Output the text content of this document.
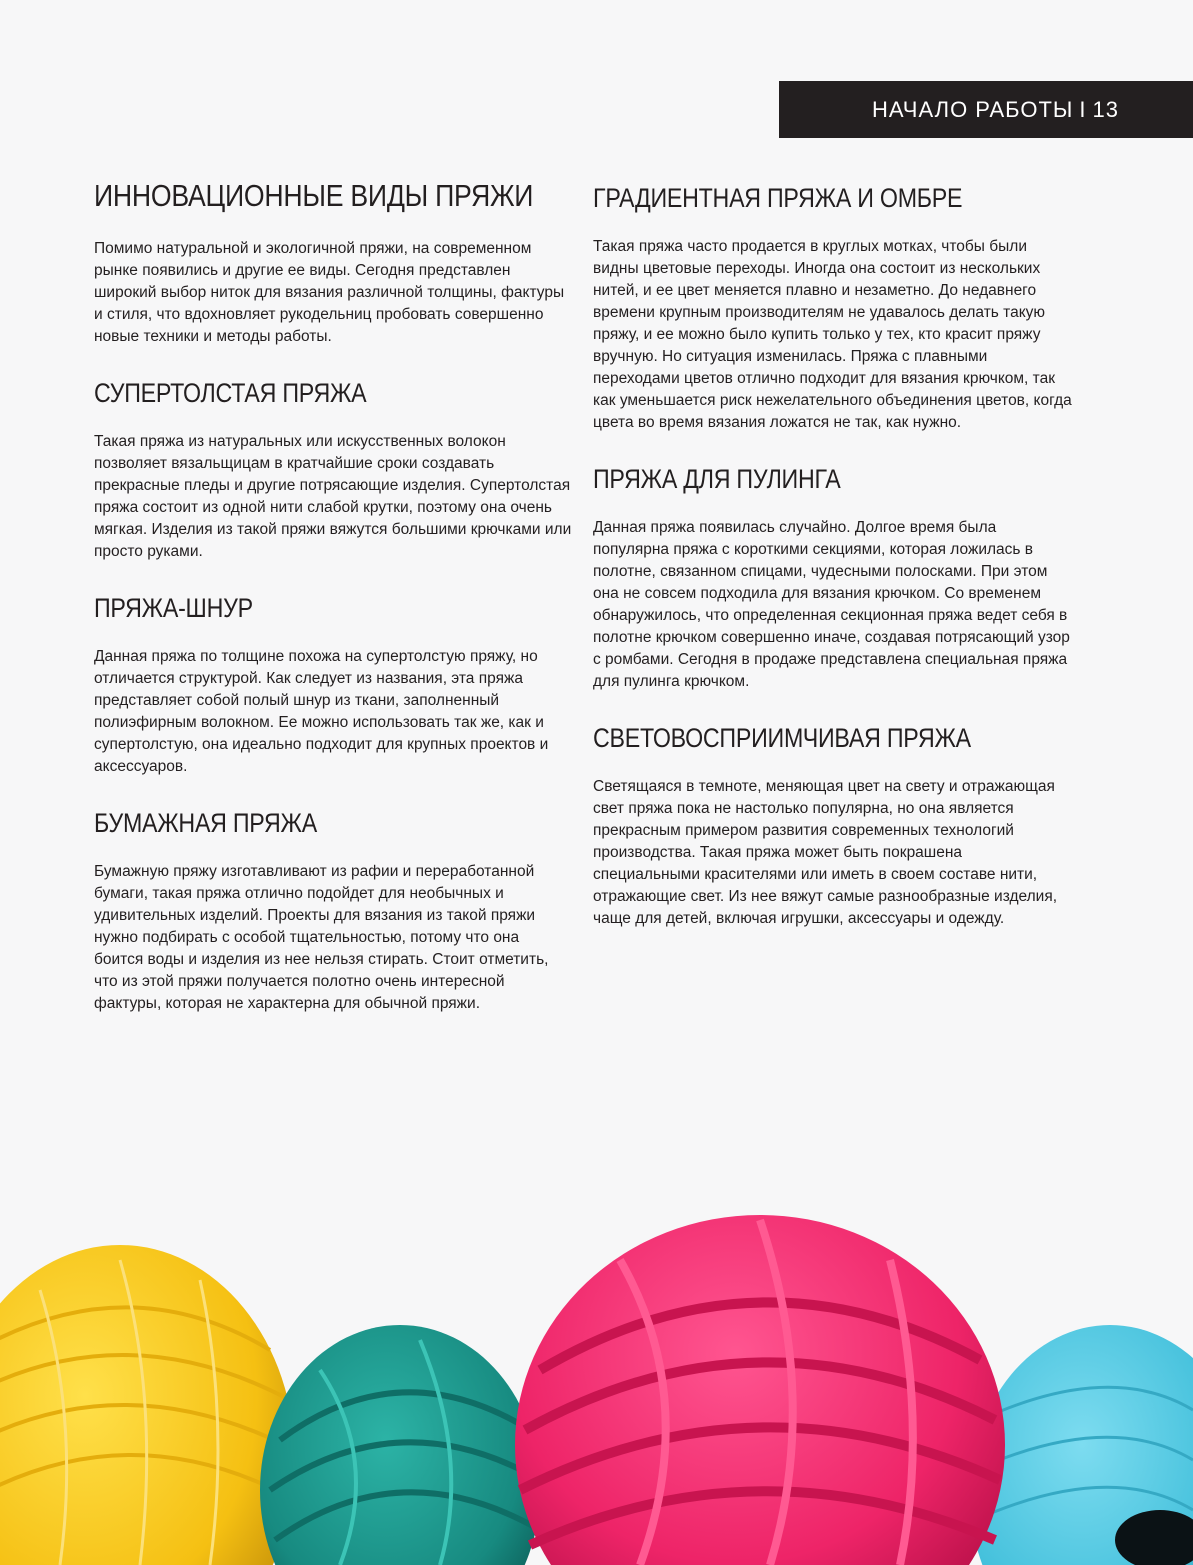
НАЧАЛО РАБОТЫ I 13
ИННОВАЦИОННЫЕ ВИДЫ ПРЯЖИ

Помимо натуральной и экологичной пряжи, на современном рынке появились и другие ее виды. Сегодня представлен широкий выбор ниток для вязания различной толщины, фактуры и стиля, что вдохновляет рукодельниц пробовать совершенно новые техники и методы работы.

СУПЕРТОЛСТАЯ ПРЯЖА

Такая пряжа из натуральных или искусственных волокон позволяет вязальщицам в кратчайшие сроки создавать прекрасные пледы и другие потрясающие изделия. Супертолстая пряжа состоит из одной нити слабой крутки, поэтому она очень мягкая. Изделия из такой пряжи вяжутся большими крючками или просто руками.

ПРЯЖА-ШНУР

Данная пряжа по толщине похожа на супертолстую пряжу, но отличается структурой. Как следует из названия, эта пряжа представляет собой полый шнур из ткани, заполненный полиэфирным волокном. Ее можно использовать так же, как и супертолстую, она идеально подходит для крупных проектов и аксессуаров.

БУМАЖНАЯ ПРЯЖА

Бумажную пряжу изготавливают из рафии и переработанной бумаги, такая пряжа отлично подойдет для необычных и удивительных изделий. Проекты для вязания из такой пряжи нужно подбирать с особой тщательностью, потому что она боится воды и изделия из нее нельзя стирать. Стоит отметить, что из этой пряжи получается полотно очень интересной фактуры, которая не характерна для обычной пряжи.

ГРАДИЕНТНАЯ ПРЯЖА И ОМБРЕ

Такая пряжа часто продается в круглых мотках, чтобы были видны цветовые переходы. Иногда она состоит из нескольких нитей, и ее цвет меняется плавно и незаметно. До недавнего времени крупным производителям не удавалось делать такую пряжу, и ее можно было купить только у тех, кто красит пряжу вручную. Но ситуация изменилась. Пряжа с плавными переходами цветов отлично подходит для вязания крючком, так как уменьшается риск нежелательного объединения цветов, когда цвета во время вязания ложатся не так, как нужно.

ПРЯЖА ДЛЯ ПУЛИНГА

Данная пряжа появилась случайно. Долгое время была популярна пряжа с короткими секциями, которая ложилась в полотне, связанном спицами, чудесными полосками. При этом она не совсем подходила для вязания крючком. Со временем обнаружилось, что определенная секционная пряжа ведет себя в полотне крючком совершенно иначе, создавая потрясающий узор с ромбами. Сегодня в продаже представлена специальная пряжа для пулинга крючком.

СВЕТОВОСПРИИМЧИВАЯ ПРЯЖА

Светящаяся в темноте, меняющая цвет на свету и отражающая свет пряжа пока не настолько популярна, но она является прекрасным примером развития современных технологий производства. Такая пряжа может быть покрашена специальными красителями или иметь в своем составе нити, отражающие свет. Из нее вяжут самые разнообразные изделия, чаще для детей, включая игрушки, аксессуары и одежду.
